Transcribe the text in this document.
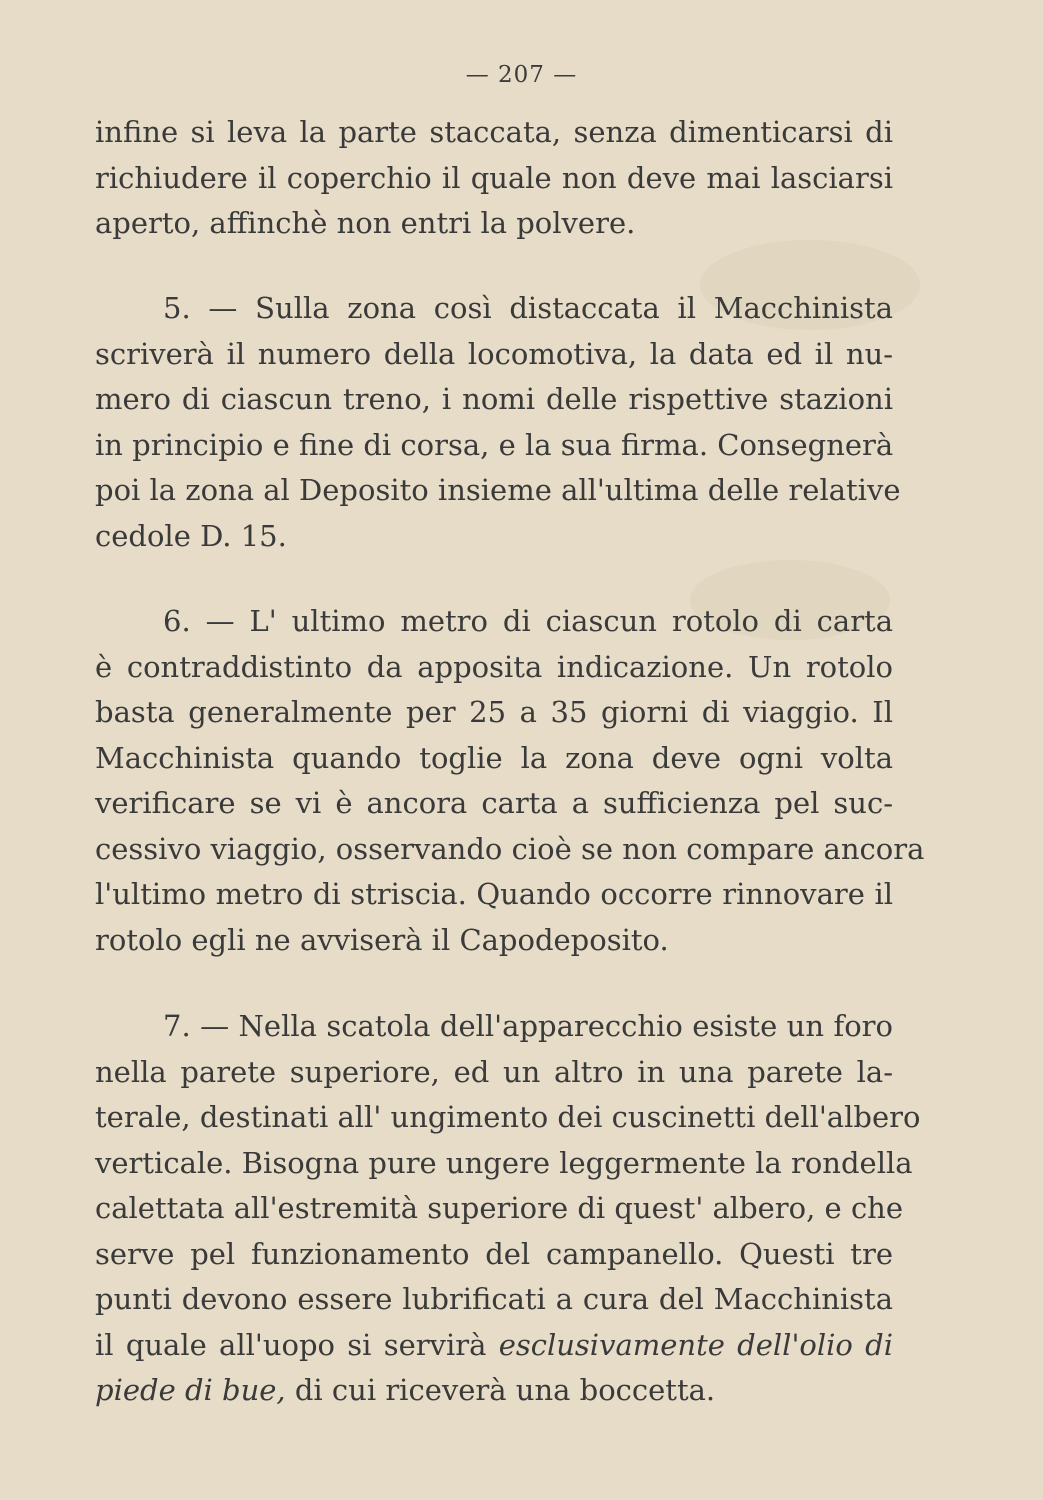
— 207 —
infine si leva la parte staccata, senza dimenticarsi di
richiudere il coperchio il quale non deve mai lasciarsi
aperto, affinchè non entri la polvere.
5. — Sulla zona così distaccata il Macchinista
scriverà il numero della locomotiva, la data ed il nu-
mero di ciascun treno, i nomi delle rispettive stazioni
in principio e fine di corsa, e la sua firma. Consegnerà
poi la zona al Deposito insieme all'ultima delle relative
cedole D. 15.
6. — L' ultimo metro di ciascun rotolo di carta
è contraddistinto da apposita indicazione. Un rotolo
basta generalmente per 25 a 35 giorni di viaggio. Il
Macchinista quando toglie la zona deve ogni volta
verificare se vi è ancora carta a sufficienza pel suc-
cessivo viaggio, osservando cioè se non compare ancora
l'ultimo metro di striscia. Quando occorre rinnovare il
rotolo egli ne avviserà il Capodeposito.
7. — Nella scatola dell'apparecchio esiste un foro
nella parete superiore, ed un altro in una parete la-
terale, destinati all' ungimento dei cuscinetti dell'albero
verticale. Bisogna pure ungere leggermente la rondella
calettata all'estremità superiore di quest' albero, e che
serve pel funzionamento del campanello. Questi tre
punti devono essere lubrificati a cura del Macchinista
il quale all'uopo si servirà esclusivamente dell'olio di
piede di bue, di cui riceverà una boccetta.
